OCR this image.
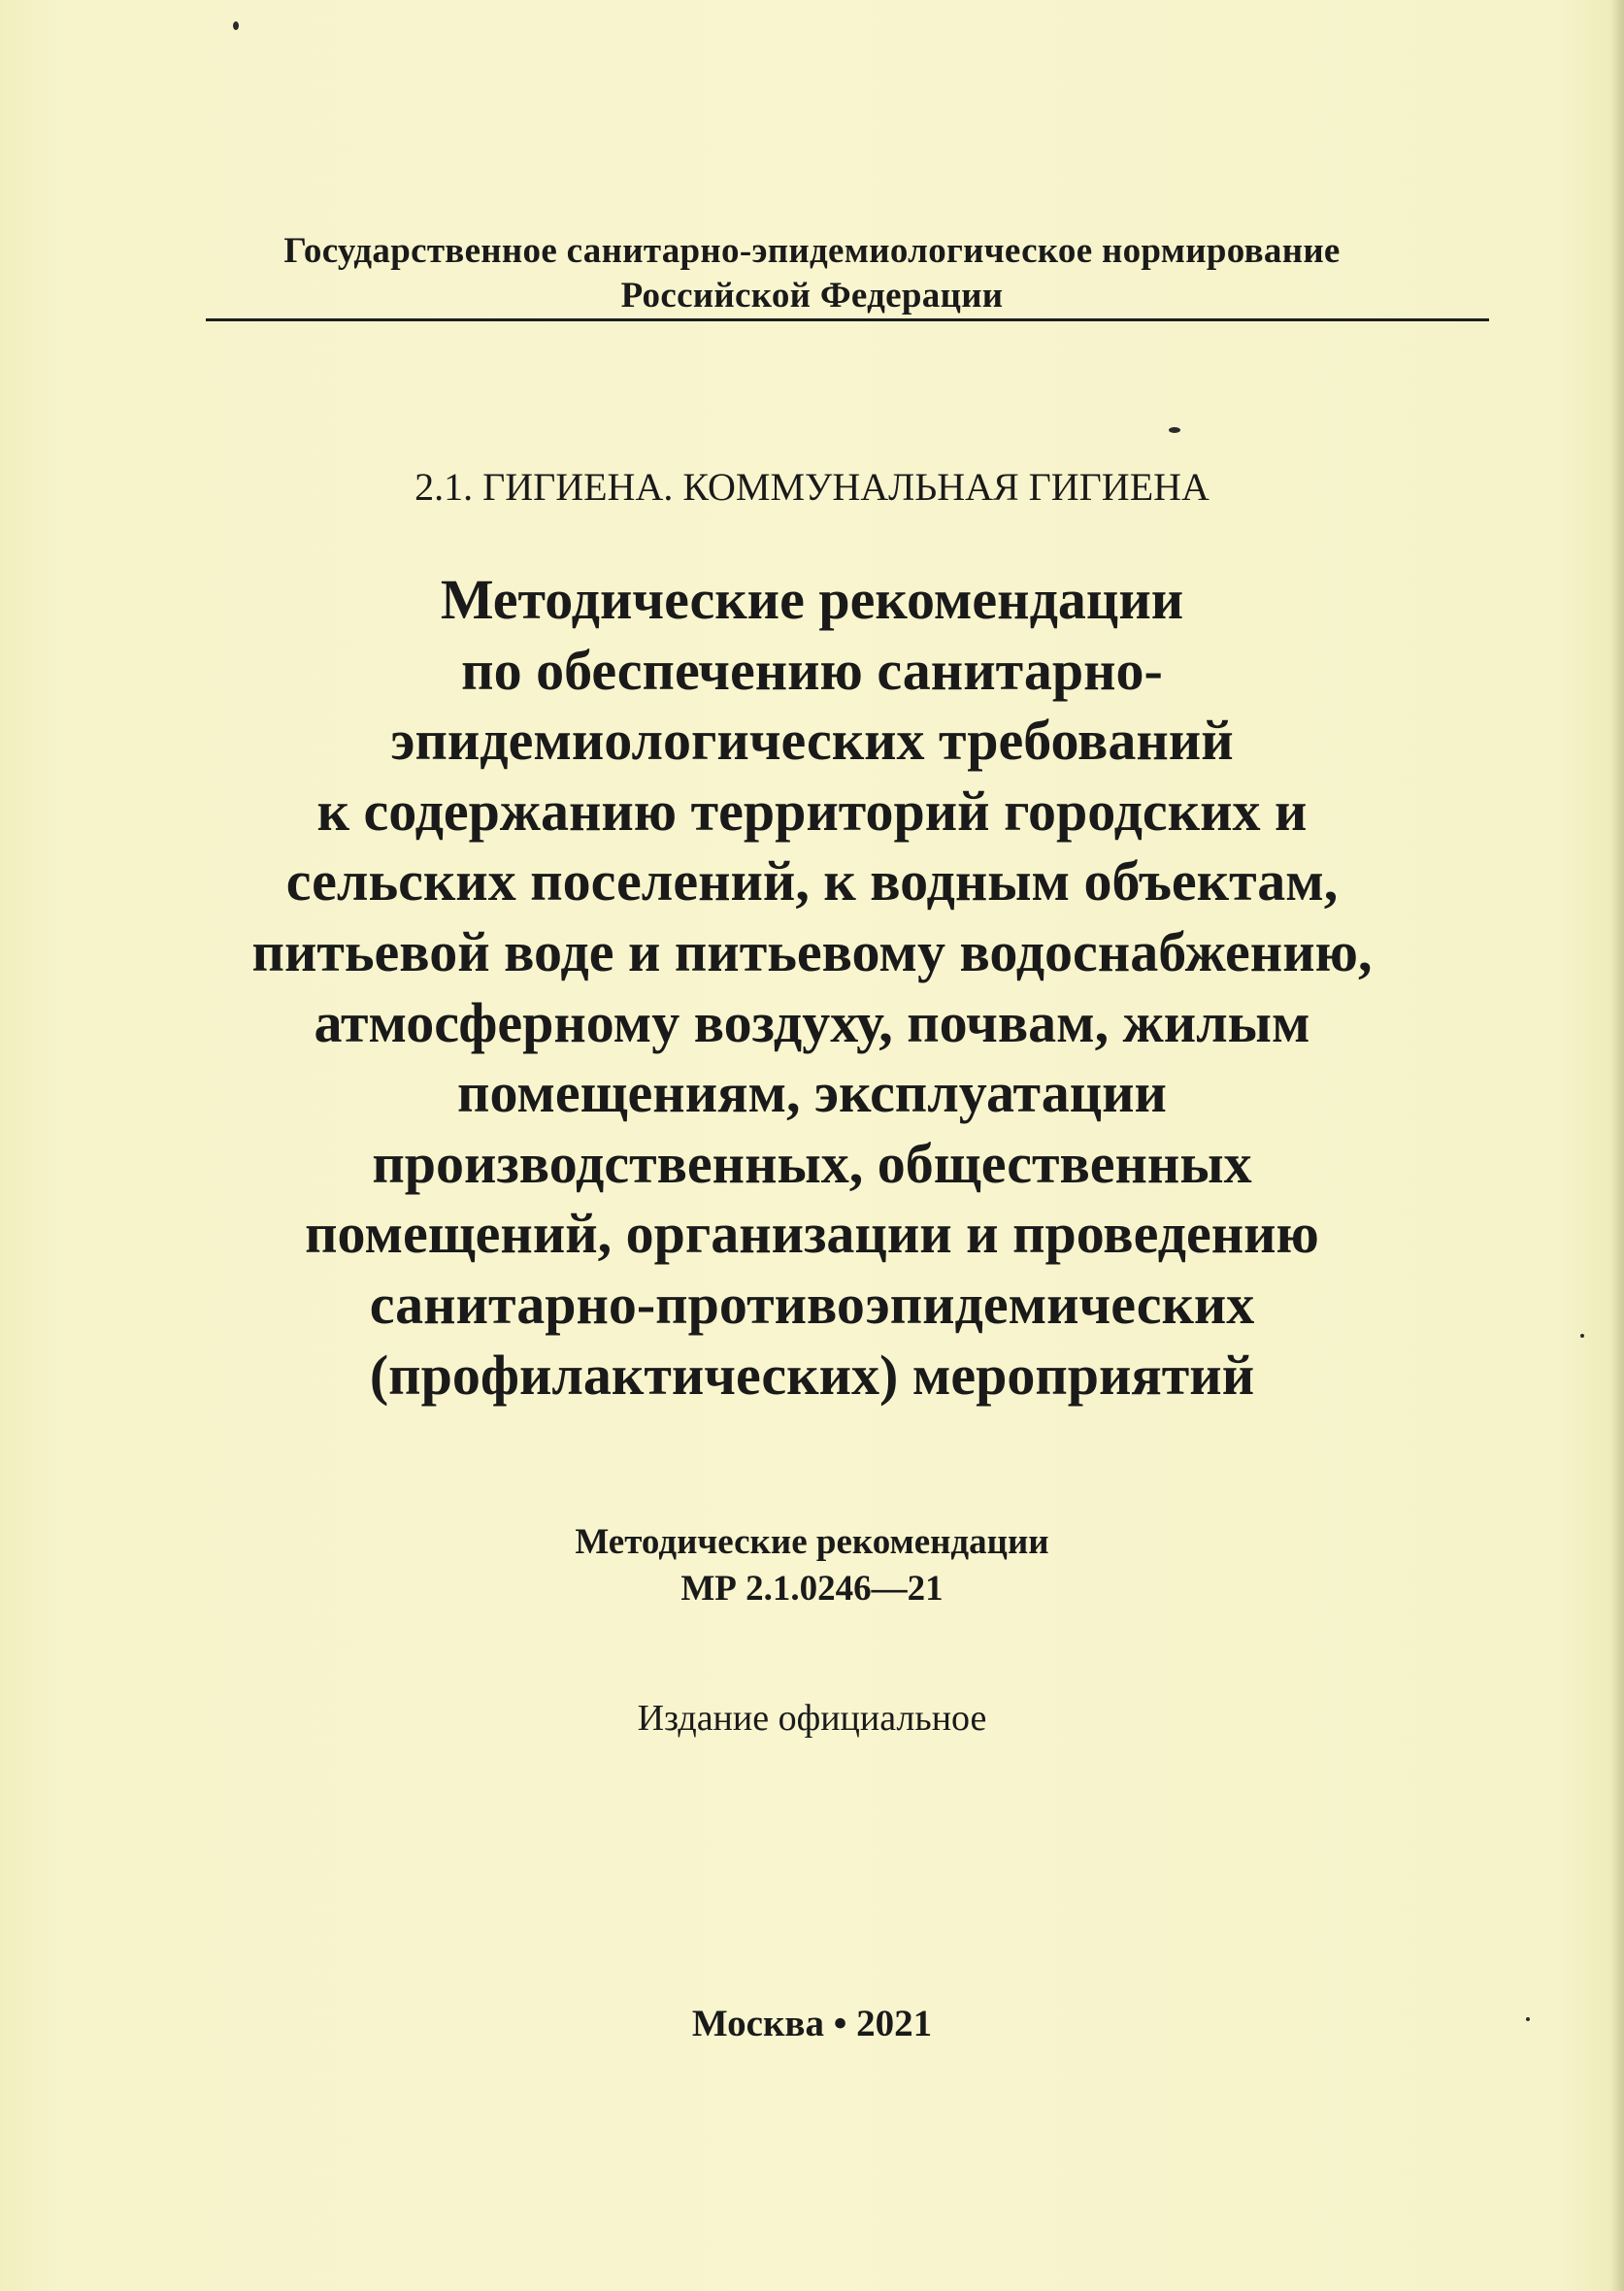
Государственное санитарно-эпидемиологическое нормирование
Российской Федерации
2.1. ГИГИЕНА. КОММУНАЛЬНАЯ ГИГИЕНА
Методические рекомендации
по обеспечению санитарно-
эпидемиологических требований
к содержанию территорий городских и
сельских поселений, к водным объектам,
питьевой воде и питьевому водоснабжению,
атмосферному воздуху, почвам, жилым
помещениям, эксплуатации
производственных, общественных
помещений, организации и проведению
санитарно-противоэпидемических
(профилактических) мероприятий
Методические рекомендации
МР 2.1.0246—21
Издание официальное
Москва • 2021
